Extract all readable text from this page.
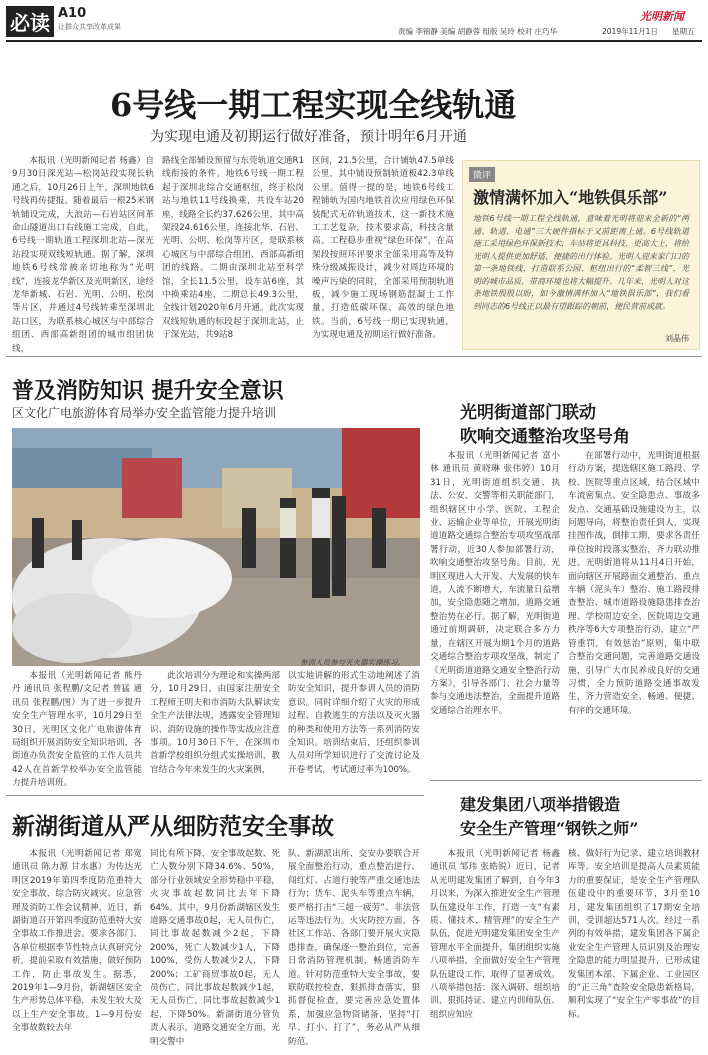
必读 A10
让群众共享改革成果	责编 李锦静 美编 胡静蓉 组版 吴玲 校对 庄巧华
光明新闻
2019年11月1日 星期五
6号线一期工程实现全线轨通
为实现电通及初期运行做好准备，预计明年6月开通

本报讯（光明新闻记者 杨鑫）自9月30日深光站—松岗站段实现长轨通之后，10月26日上午，深圳地铁6号线再传捷报。随着最后一根25米钢轨铺设完成，大浪站—石岩站区间革命山隧道出口右线施工完成，自此，6号线一期轨道工程深圳北站—深光站段实现双线短轨通。据了解，深圳地铁6号线常被亲切地称为“光明线”，连接龙华新区及光明新区，途经龙华新城、石岩、光明、公明、松岗等片区，并通过4号线转乘至深圳北站口区，为联系核心城区与中部综合组团、西部高新组团的城市组团快线，

路线全部辅设预留与东莞轨道交通R1线衔接的条件。地铁6号线一期工程起于深圳北综合交通枢纽，终于松岗站与地铁11号线换乘，共设车站20座，线路全长约37.626公里，其中高架段24.616公里，连接北华、石岩、光明、公明、松岗等片区，是联系核心城区与中部综合组团、西部高新组团的线路。二期由深圳北站至科学馆，全长11.5公里，设车站6座，其中换乘站4座，二期总长49.3公里，全线计划2020年6月开通。此次实现双线短轨通的标段起于深圳北站，止于深光站，共9站8

区间，21.5公里，合计铺轨47.5单线公里，其中铺设预制轨道板42.3单线公里。值得一提的是，地铁6号线工程铺轨为国内地铁首次应用绿色环保装配式无砟轨道技术，这一新技术施工工艺复杂，技术要求高，科技含量高。工程稳步重视“绿色环保”，在高架段按照环评要求全部采用高等及特殊分级减振设计，减少对周边环境的噪声污染的同时，全部采用预制轨道板，减少施工现场钢筋混凝土工作量，打造低碳环保、高效的绿色地铁。当前，6号线一期已实现轨通，为实现电通及初期运行做好准备。

微评
激情满怀加入“地铁俱乐部”
地铁6号线一期工程全线轨通，意味着光明将迎来全新的“两通、轨道、电通”三大硬件指标于又前距离上通。6号线轨道施工采用绿色环保新技术，车站将更具科技、更高大上，将给光明人提供更加舒适、便捷的出行体验。光明人迎来家门口的第一条地铁线，打造联系公园、枢纽出行的“柔智三线”，光明的城市品质、带商环境也将大幅提升。几年来，光明人对这条地铁殷殷以盼，如今激情满怀加入“地铁俱乐部”，我们看到同志的6号线正以最有望跟踪的朝前，便民营前成就。
刘晶伟
普及消防知识 提升安全意识
区文化广电旅游体育局举办安全监管能力提升培训
参训人员参与灭火器实操练习。

本报讯（光明新闻记者 熊丹丹 通讯员 张程鹏/文记者 曾猛 通讯员 张程鹏/图）为了进一步提升安全生产管理水平，10月29日至30日，光明区文化广电旅游体育局组织开展消防安全知识培训，各街道办负责安全监管的工作人员共42人在首新学校举办安全监管能力提升培训班。

此次培训分为理论和实操两部分，10月29日，由国家注册安全工程师王明夫和市消防大队解读安全生产法律法规，透露安全管理知识、消防设施的操作等实战应注意事项。10月30日下午，在深圳市首新学校组织分组式实操培训，教官结合今年来发生的火灾案例，

以实地讲解的形式生动地阐述了消防安全知识，提升参训人员的消防意识。同时详细介绍了火灾的形成过程、自救逃生的方法以及灭火器的种类和使用方法等一系列消防安全知识。培训结束后，还组织参训人员对所学知识进行了交流讨论及开卷考试，考试通过率为100%。

光明街道部门联动
吹响交通整治攻坚号角

本报讯（光明新闻记者 富小林 通讯员 黄晓琳 张伟婷）10月31日，光明街道组织交通、执法、公安、交警等相关职能部门，组织辖区中小学、医院、工程企业、运输企业等单位，开展光明街道道路交通综合整治专项攻坚战部署行动，近30人参加部署行动，吹响交通整治攻坚号角。目前，光明区现进入大开发、大发展的快车道，人流不断增大，车流量日益增加，安全隐患随之增加，道路交通整治势在必行。据了解，光明街道通过前期调研，决定联合多方力量，在辖区开展为期1个月的道路交通综合整治专项攻坚战，制定了《光明街道道路交通安全整治行动方案》，引导各部门、社会力量等参与交通违法整治，全面提升道路交通综合治理水平。

在部署行动中，光明街道根据行动方案，提选辖区施工路段、学校、医院等重点区域，结合区域中车流密集点、安全隐患点、事故多发点、交通基础设施建设为主，以问题导向，将整治责任到人，实现挂图作战，倒排工期，要求各责任单位按时段落实整治，齐力联动推进。光明街道将从11月4日开始，面向辖区开展路面交通整治、重点车辆（泥头车）整治、施工路段排查整治、城市道路设施隐患排查治理、学校周边安全、医院周边交通秩序等6大专项整治行动，建立“严管重罚，有效惩治”原则，集中联合整治交通问题，完善道路交通设施，引导广大市民养成良好的交通习惯，全力预防道路交通事故发生，齐力营造安全、畅通、便捷、有序的交通环境。

新湖街道从严从细防范安全事故

本报讯（光明新闻记者 郑宽 通讯员 陈力源 甘水惠）为传达光明区2019年第四季度防范重特大安全事故、综合防灾减灾、应急管理及消防工作会议精神，近日，新湖街道召开第四季度防范重特大安全事故工作推进会。要求各部门、各单位根据季节性特点认真研究分析，提前采取有效措施，做好预防工作，防止事故发生。据悉，2019年1—9月份，新湖辖区安全生产形势总体平稳，未发生较大及以上生产安全事故。1—9月份安全事故数较去年

同比有所下降，安全事故起数、死亡人数分别下降34.6%、50%，部分行业领域安全形势稳中平稳，火灾事故起数同比去年下降64%。其中，9月份新湖辖区发生道路交通事故0起，无人员伤亡，同比事故起数减少2起，下降200%，死亡人数减少1人，下降100%，受伤人数减少2人，下降200%；工矿商贸事故0起，无人员伤亡，同比事故起数减少1起，无人员伤亡，同比事故起数减少1起，下降50%。新湖街道分管负责人表示，道路交通安全方面，光明交警中

队、新湖派出所、交安办要联合开展全面整治行动，重点整治逆行、闯红灯、占道行驶等严重交通违法行为；货车、泥头车等重点车辆，要严格打击“三超一疲劳”、非法营运等违法行为。火灾防控方面，各社区工作站、各部门要开展火灾隐患排查，确保逐一整治到位，完善日常消防管理机制，畅通消防车道。针对防范重特大安全事故，要联防联控检查，狠抓排查落实，狠抓督促检查，要完善应急处置体系，加强应急物资储备，坚持“打早、打小、打了”，务必从严从细防范。

建发集团八项举措锻造
安全生产管理“钢铁之师”

本报讯（光明新闻记者 杨鑫 通讯员 邹玮 张皓锐）近日，记者从光明建发集团了解到，自今年3月以来，为深入推进安全生产管理队伍建设年工作，打造一支“有素质、懂技术、精管理”的安全生产队伍，促进光明建发集团安全生产管理水平全面提升，集团组织实施八项举措，全面做好安全生产管理队伍建设工作，取得了显著成效。八项举措包括：深入调研、组织培训、狠抓持证、建立内训师队伍、组织应知应

核、做好行为记录、建立培训教材库等。安全培训是提高人员素质能力的重要保证，是安全生产管理队伍建设中的重要环节，3月至10月，建发集团组织了17期安全培训，受训超达571人次。经过一系列的有效举措，建发集团各下属企业安全生产管理人员识别及治理安全隐患的能力明显提升，已形成建发集团本部、下属企业、工业园区的“正三角”查险安全隐患新格局，顺利实现了“安全生产零事故”的目标。
